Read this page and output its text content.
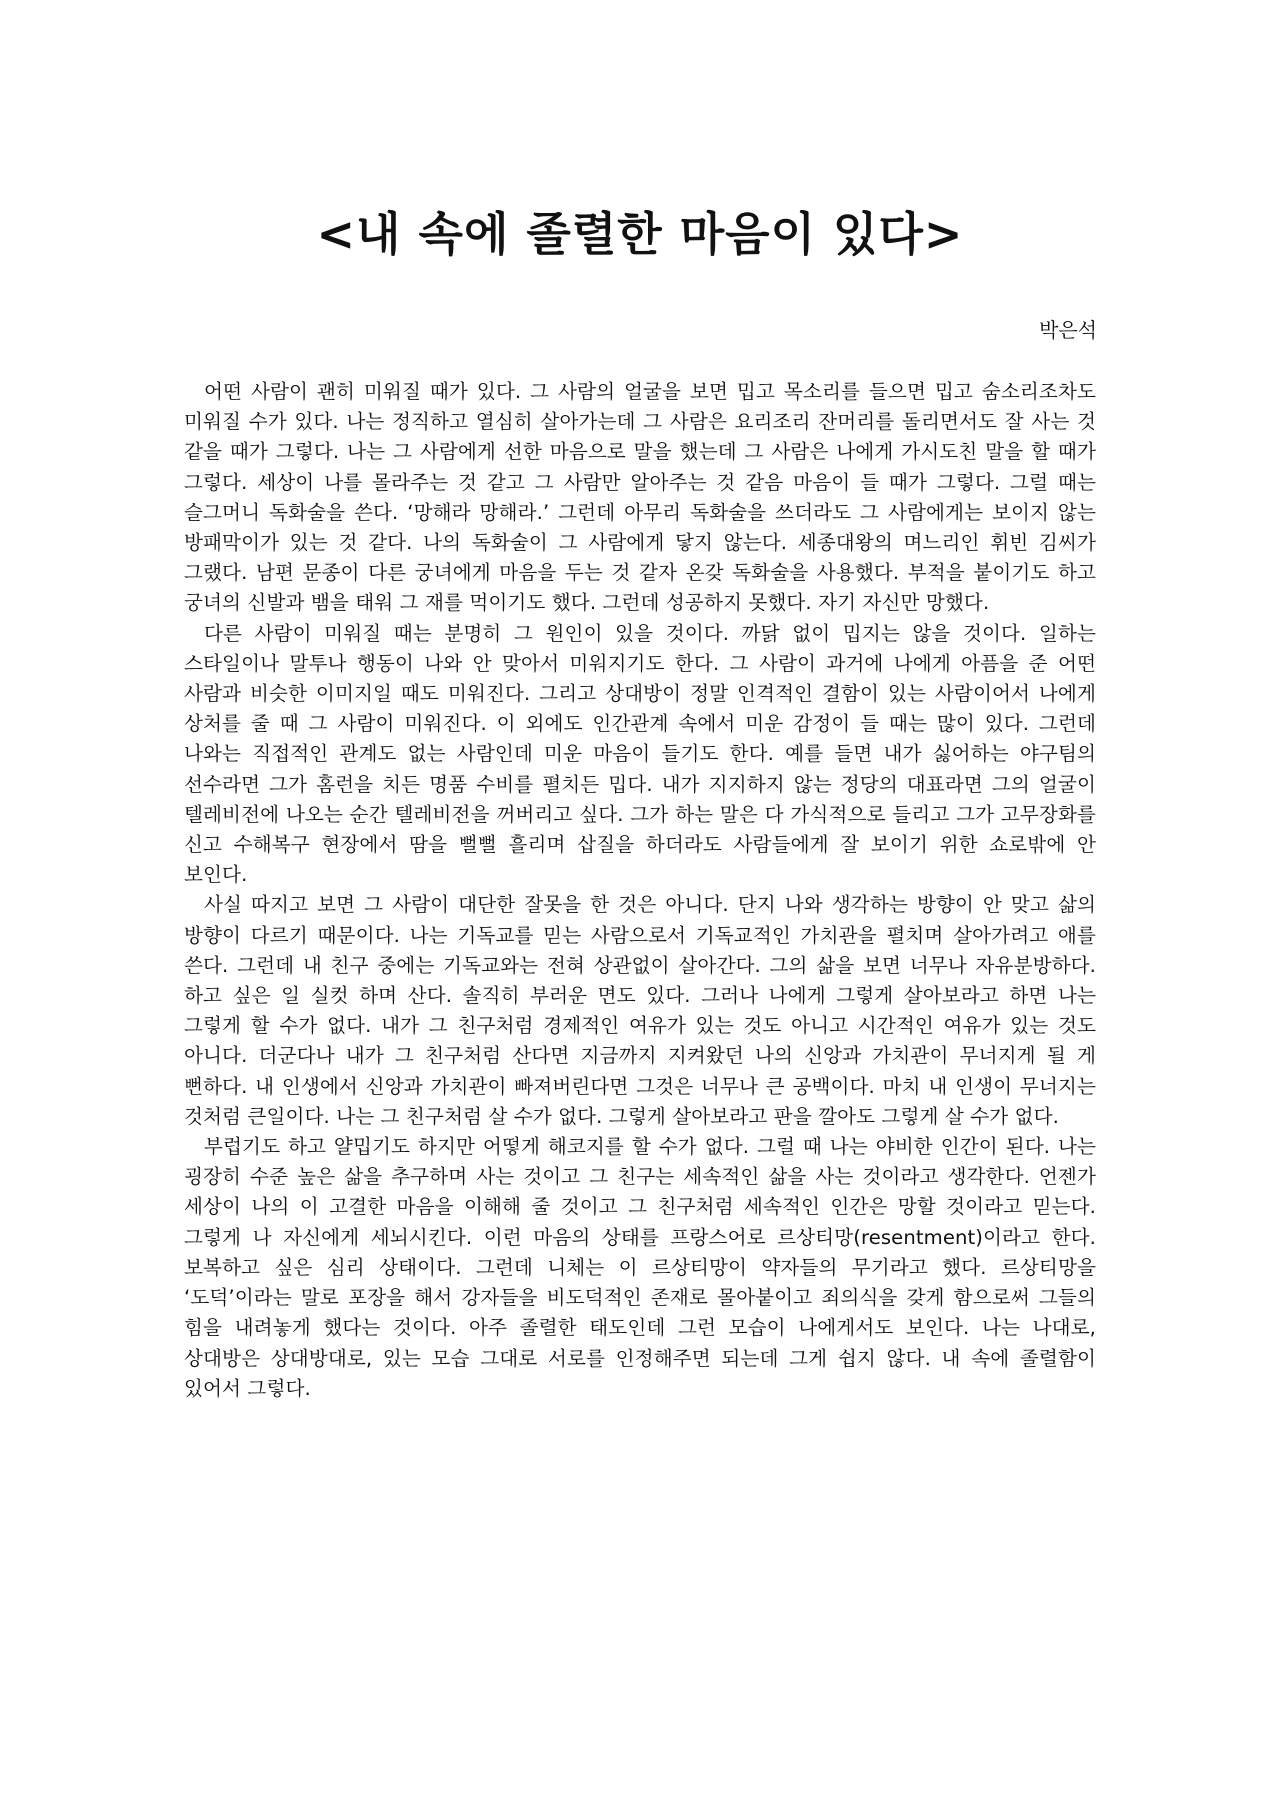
<내 속에 졸렬한 마음이 있다>

박은석

어떤 사람이 괜히 미워질 때가 있다. 그 사람의 얼굴을 보면 밉고 목소리를 들으면 밉고 숨소리조차도 미워질 수가 있다. 나는 정직하고 열심히 살아가는데 그 사람은 요리조리 잔머리를 돌리면서도 잘 사는 것 같을 때가 그렇다. 나는 그 사람에게 선한 마음으로 말을 했는데 그 사람은 나에게 가시도친 말을 할 때가 그렇다. 세상이 나를 몰라주는 것 같고 그 사람만 알아주는 것 같음 마음이 들 때가 그렇다. 그럴 때는 슬그머니 독화술을 쓴다. ‘망해라 망해라.’ 그런데 아무리 독화술을 쓰더라도 그 사람에게는 보이지 않는 방패막이가 있는 것 같다. 나의 독화술이 그 사람에게 닿지 않는다. 세종대왕의 며느리인 휘빈 김씨가 그랬다. 남편 문종이 다른 궁녀에게 마음을 두는 것 같자 온갖 독화술을 사용했다. 부적을 붙이기도 하고 궁녀의 신발과 뱀을 태워 그 재를 먹이기도 했다. 그런데 성공하지 못했다. 자기 자신만 망했다.

다른 사람이 미워질 때는 분명히 그 원인이 있을 것이다. 까닭 없이 밉지는 않을 것이다. 일하는 스타일이나 말투나 행동이 나와 안 맞아서 미워지기도 한다. 그 사람이 과거에 나에게 아픔을 준 어떤 사람과 비슷한 이미지일 때도 미워진다. 그리고 상대방이 정말 인격적인 결함이 있는 사람이어서 나에게 상처를 줄 때 그 사람이 미워진다. 이 외에도 인간관계 속에서 미운 감정이 들 때는 많이 있다. 그런데 나와는 직접적인 관계도 없는 사람인데 미운 마음이 들기도 한다. 예를 들면 내가 싫어하는 야구팀의 선수라면 그가 홈런을 치든 명품 수비를 펼치든 밉다. 내가 지지하지 않는 정당의 대표라면 그의 얼굴이 텔레비전에 나오는 순간 텔레비전을 꺼버리고 싶다. 그가 하는 말은 다 가식적으로 들리고 그가 고무장화를 신고 수해복구 현장에서 땀을 뻘뻘 흘리며 삽질을 하더라도 사람들에게 잘 보이기 위한 쇼로밖에 안 보인다.

사실 따지고 보면 그 사람이 대단한 잘못을 한 것은 아니다. 단지 나와 생각하는 방향이 안 맞고 삶의 방향이 다르기 때문이다. 나는 기독교를 믿는 사람으로서 기독교적인 가치관을 펼치며 살아가려고 애를 쓴다. 그런데 내 친구 중에는 기독교와는 전혀 상관없이 살아간다. 그의 삶을 보면 너무나 자유분방하다. 하고 싶은 일 실컷 하며 산다. 솔직히 부러운 면도 있다. 그러나 나에게 그렇게 살아보라고 하면 나는 그렇게 할 수가 없다. 내가 그 친구처럼 경제적인 여유가 있는 것도 아니고 시간적인 여유가 있는 것도 아니다. 더군다나 내가 그 친구처럼 산다면 지금까지 지켜왔던 나의 신앙과 가치관이 무너지게 될 게 뻔하다. 내 인생에서 신앙과 가치관이 빠져버린다면 그것은 너무나 큰 공백이다. 마치 내 인생이 무너지는 것처럼 큰일이다. 나는 그 친구처럼 살 수가 없다. 그렇게 살아보라고 판을 깔아도 그렇게 살 수가 없다.

부럽기도 하고 얄밉기도 하지만 어떻게 해코지를 할 수가 없다. 그럴 때 나는 야비한 인간이 된다. 나는 굉장히 수준 높은 삶을 추구하며 사는 것이고 그 친구는 세속적인 삶을 사는 것이라고 생각한다. 언젠가 세상이 나의 이 고결한 마음을 이해해 줄 것이고 그 친구처럼 세속적인 인간은 망할 것이라고 믿는다. 그렇게 나 자신에게 세뇌시킨다. 이런 마음의 상태를 프랑스어로 르상티망(resentment)이라고 한다. 보복하고 싶은 심리 상태이다. 그런데 니체는 이 르상티망이 약자들의 무기라고 했다. 르상티망을 ‘도덕’이라는 말로 포장을 해서 강자들을 비도덕적인 존재로 몰아붙이고 죄의식을 갖게 함으로써 그들의 힘을 내려놓게 했다는 것이다. 아주 졸렬한 태도인데 그런 모습이 나에게서도 보인다. 나는 나대로, 상대방은 상대방대로, 있는 모습 그대로 서로를 인정해주면 되는데 그게 쉽지 않다. 내 속에 졸렬함이 있어서 그렇다.
